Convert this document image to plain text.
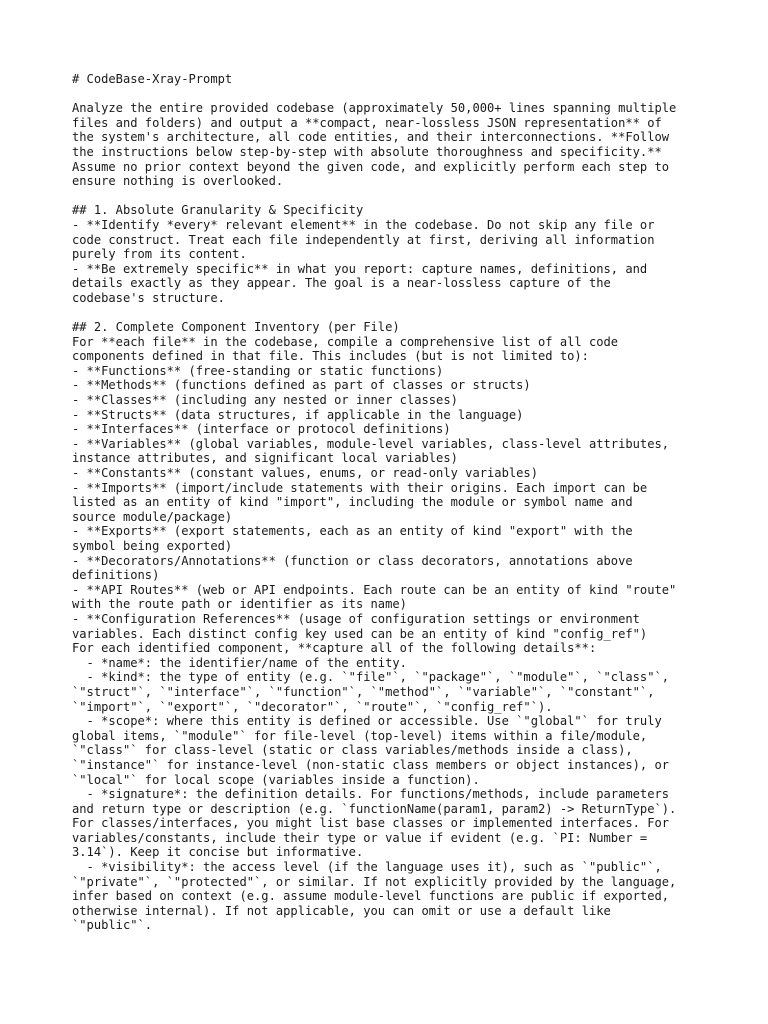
# CodeBase-Xray-Prompt
Analyze the entire provided codebase (approximately 50,000+ lines spanning multiple
files and folders) and output a **compact, near-lossless JSON representation** of
the system's architecture, all code entities, and their interconnections. **Follow
the instructions below step-by-step with absolute thoroughness and specificity.**
Assume no prior context beyond the given code, and explicitly perform each step to
ensure nothing is overlooked.
## 1. Absolute Granularity & Specificity
- **Identify *every* relevant element** in the codebase. Do not skip any file or
code construct. Treat each file independently at first, deriving all information
purely from its content.
- **Be extremely specific** in what you report: capture names, definitions, and
details exactly as they appear. The goal is a near-lossless capture of the
codebase's structure.
## 2. Complete Component Inventory (per File)
For **each file** in the codebase, compile a comprehensive list of all code
components defined in that file. This includes (but is not limited to):
- **Functions** (free-standing or static functions)
- **Methods** (functions defined as part of classes or structs)
- **Classes** (including any nested or inner classes)
- **Structs** (data structures, if applicable in the language)
- **Interfaces** (interface or protocol definitions)
- **Variables** (global variables, module-level variables, class-level attributes,
instance attributes, and significant local variables)
- **Constants** (constant values, enums, or read-only variables)
- **Imports** (import/include statements with their origins. Each import can be
listed as an entity of kind "import", including the module or symbol name and
source module/package)
- **Exports** (export statements, each as an entity of kind "export" with the
symbol being exported)
- **Decorators/Annotations** (function or class decorators, annotations above
definitions)
- **API Routes** (web or API endpoints. Each route can be an entity of kind "route"
with the route path or identifier as its name)
- **Configuration References** (usage of configuration settings or environment
variables. Each distinct config key used can be an entity of kind "config_ref")
For each identified component, **capture all of the following details**:
- *name*: the identifier/name of the entity.
- *kind*: the type of entity (e.g. `"file"`, `"package"`, `"module"`, `"class"`,
`"struct"`, `"interface"`, `"function"`, `"method"`, `"variable"`, `"constant"`,
`"import"`, `"export"`, `"decorator"`, `"route"`, `"config_ref"`).
- *scope*: where this entity is defined or accessible. Use `"global"` for truly
global items, `"module"` for file-level (top-level) items within a file/module,
`"class"` for class-level (static or class variables/methods inside a class),
`"instance"` for instance-level (non-static class members or object instances), or
`"local"` for local scope (variables inside a function).
- *signature*: the definition details. For functions/methods, include parameters
and return type or description (e.g. `functionName(param1, param2) -> ReturnType`).
For classes/interfaces, you might list base classes or implemented interfaces. For
variables/constants, include their type or value if evident (e.g. `PI: Number =
3.14`). Keep it concise but informative.
- *visibility*: the access level (if the language uses it), such as `"public"`,
`"private"`, `"protected"`, or similar. If not explicitly provided by the language,
infer based on context (e.g. assume module-level functions are public if exported,
otherwise internal). If not applicable, you can omit or use a default like
`"public"`.
